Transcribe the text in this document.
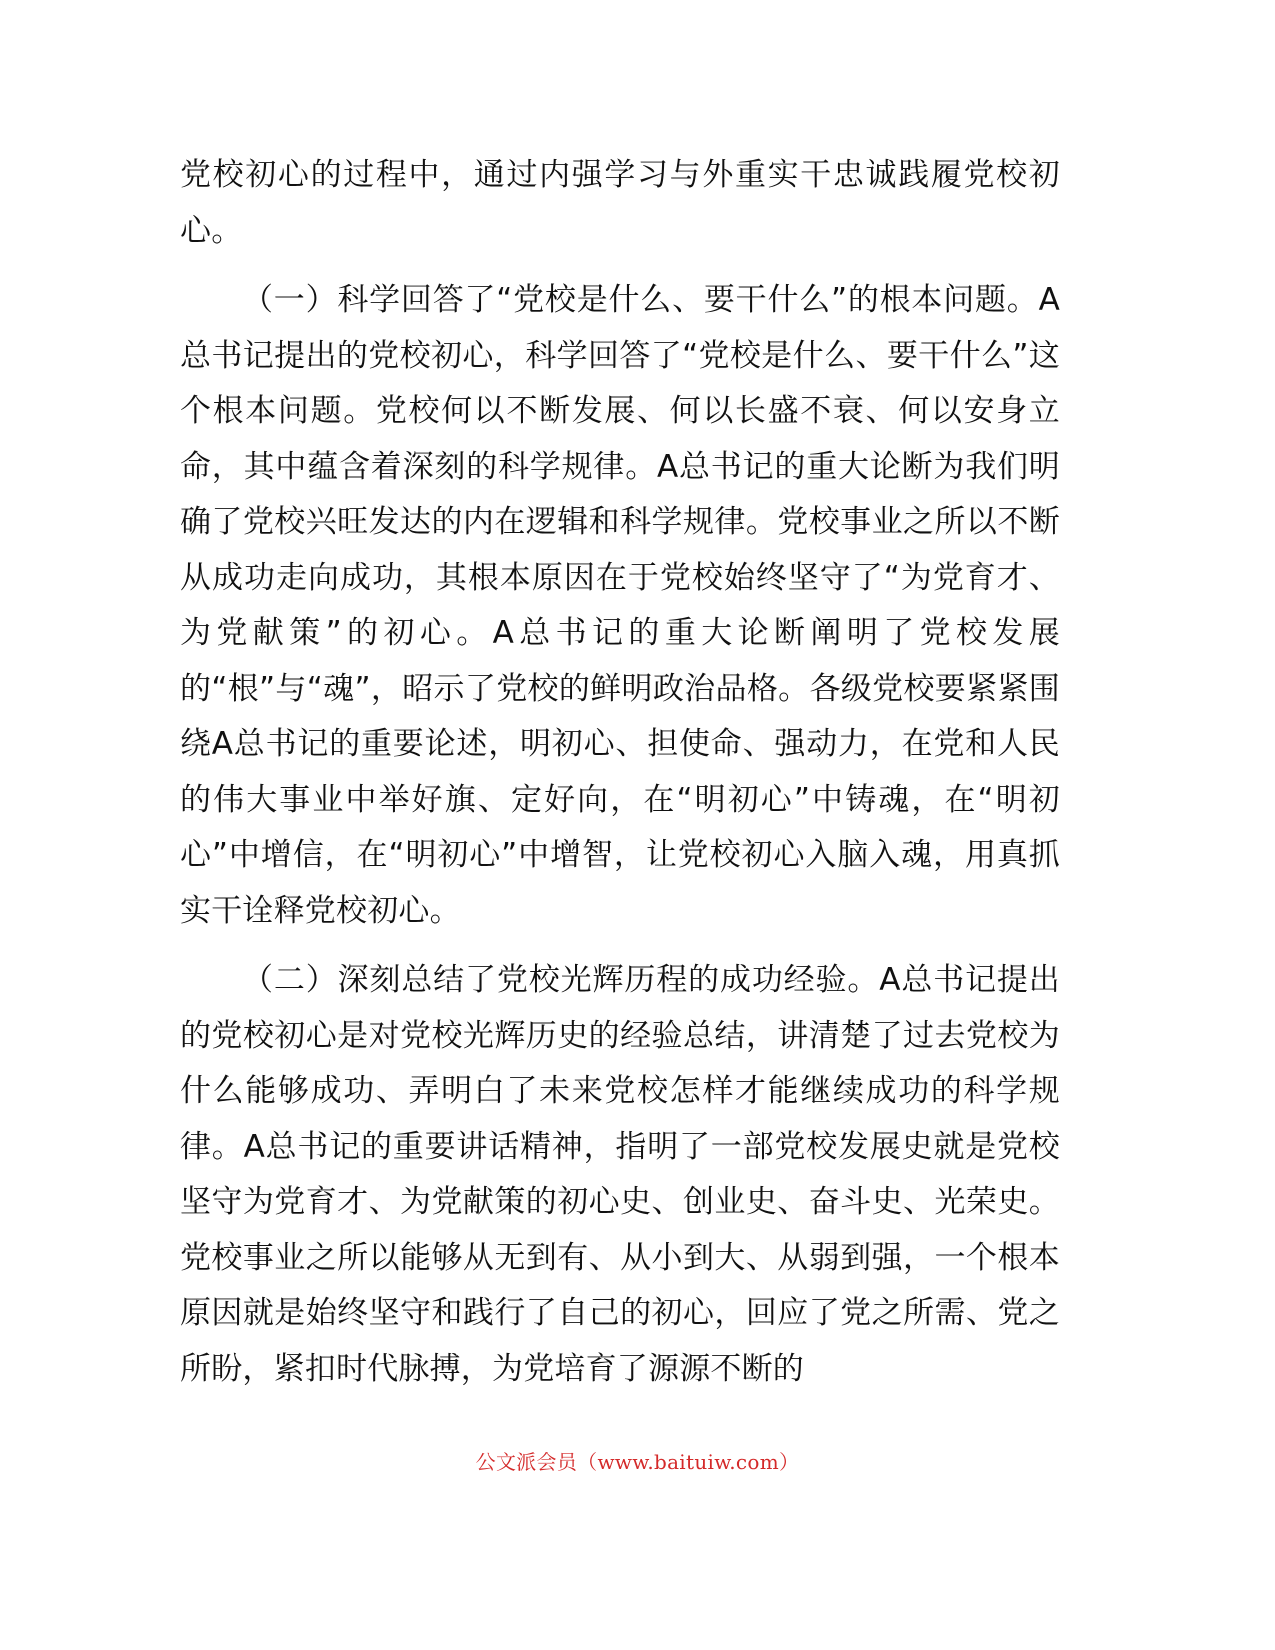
党校初心的过程中，通过内强学习与外重实干忠诚践履党校初心。

（一）科学回答了“党校是什么、要干什么”的根本问题。A总书记提出的党校初心，科学回答了“党校是什么、要干什么”这个根本问题。党校何以不断发展、何以长盛不衰、何以安身立命，其中蕴含着深刻的科学规律。A总书记的重大论断为我们明确了党校兴旺发达的内在逻辑和科学规律。党校事业之所以不断从成功走向成功，其根本原因在于党校始终坚守了“为党育才、为党献策”的初心。A总书记的重大论断阐明了党校发展的“根”与“魂”，昭示了党校的鲜明政治品格。各级党校要紧紧围绕A总书记的重要论述，明初心、担使命、强动力，在党和人民的伟大事业中举好旗、定好向，在“明初心”中铸魂，在“明初心”中增信，在“明初心”中增智，让党校初心入脑入魂，用真抓实干诠释党校初心。

（二）深刻总结了党校光辉历程的成功经验。A总书记提出的党校初心是对党校光辉历史的经验总结，讲清楚了过去党校为什么能够成功、弄明白了未来党校怎样才能继续成功的科学规律。A总书记的重要讲话精神，指明了一部党校发展史就是党校坚守为党育才、为党献策的初心史、创业史、奋斗史、光荣史。党校事业之所以能够从无到有、从小到大、从弱到强，一个根本原因就是始终坚守和践行了自己的初心，回应了党之所需、党之所盼，紧扣时代脉搏，为党培育了源源不断的

公文派会员（www.baituiw.com）
